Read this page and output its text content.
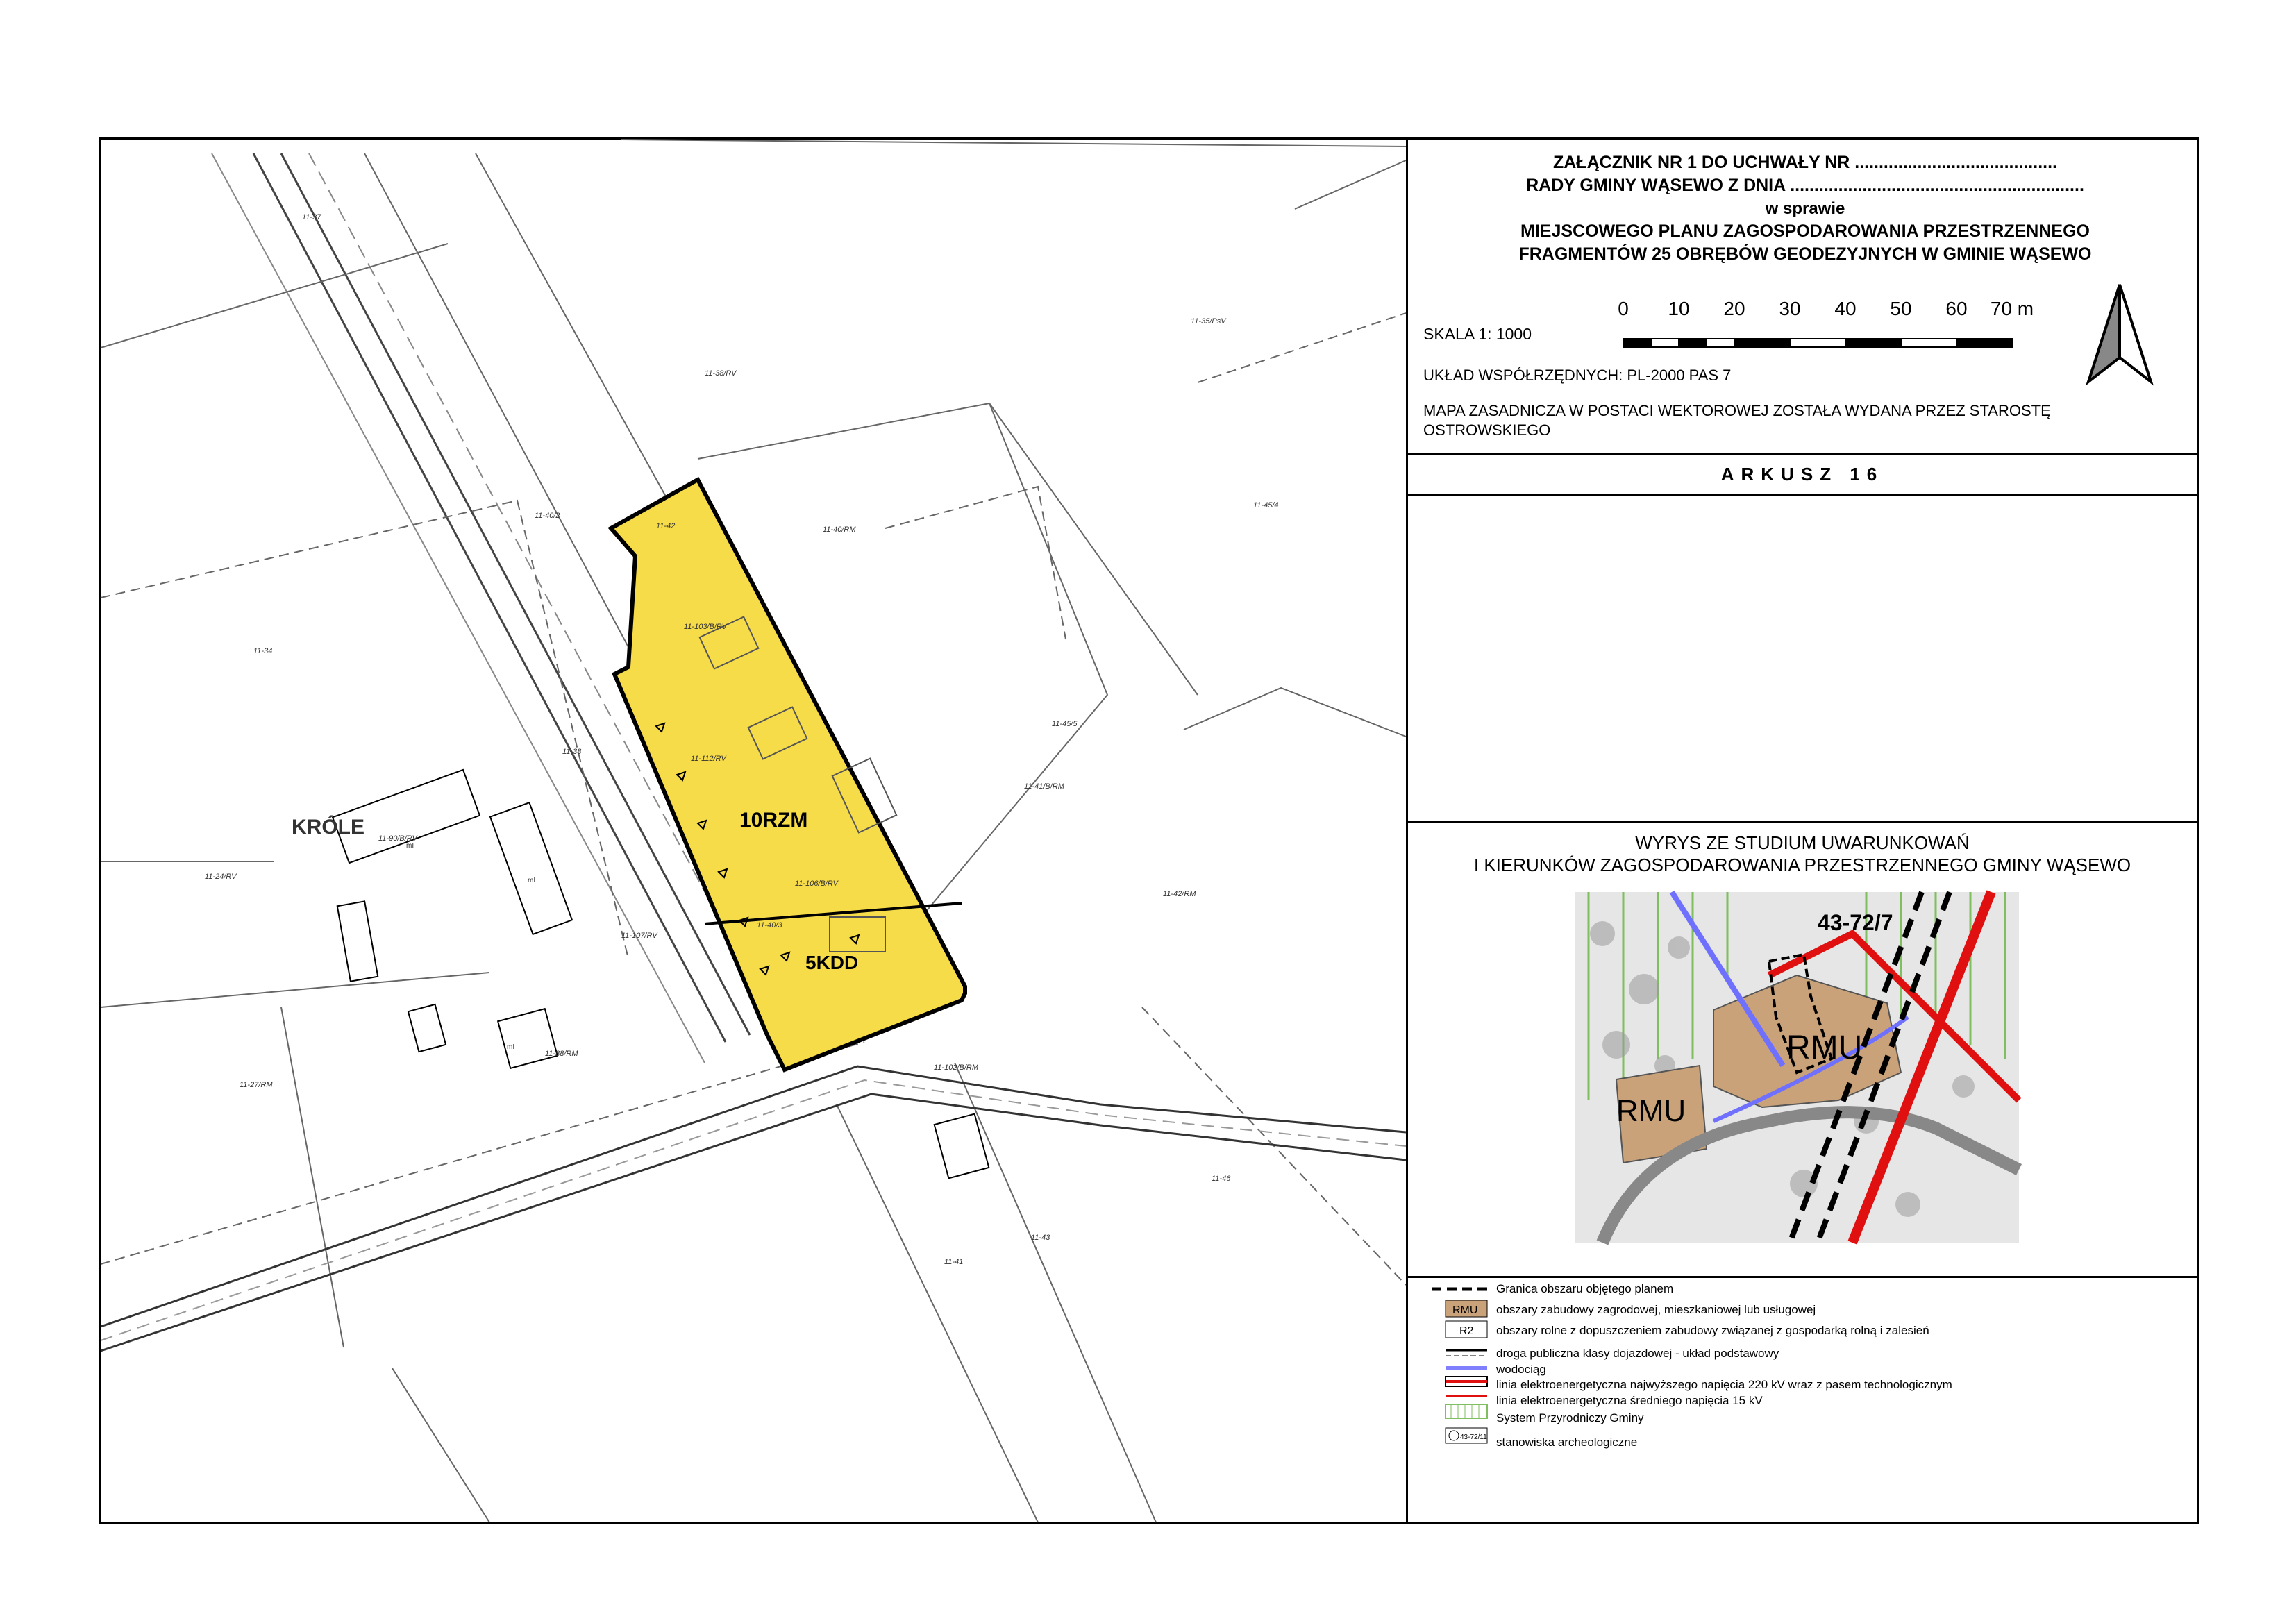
KRÓLE	10RZM
5KDD
11-37
11-38/RV
11-35/PsV
11-40/2
11-42	11-40/RM
11-45/4
11-34
11-103/B/RV
11-45/5
11-112/RV
11-41/B/RM
11-38
11-90/B/RV
11-24/RV
11-106/B/RV
11-42/RM
11-107/RV
11-40/3
11-27/RM
11-102/B/RM
11-46
11-43
11-41
11-88/RM
mI
mI
mI
ZAŁĄCZNIK NR 1 DO UCHWAŁY NR ..........................................
RADY GMINY WĄSEWO Z DNIA .............................................................
w sprawie
MIEJSCOWEGO PLANU ZAGOSPODAROWANIA PRZESTRZENNEGO
FRAGMENTÓW 25 OBRĘBÓW GEODEZYJNYCH W GMINIE WĄSEWO
SKALA 1: 1000
0 10 20 30 40 50 60 70 m
UKŁAD WSPÓŁRZĘDNYCH: PL-2000 PAS 7
MAPA ZASADNICZA W POSTACI WEKTOROWEJ ZOSTAŁA WYDANA PRZEZ STAROSTĘ OSTROWSKIEGO
ARKUSZ 16
WYRYS ZE STUDIUM UWARUNKOWAŃ
I KIERUNKÓW ZAGOSPODAROWANIA PRZESTRZENNEGO GMINY WĄSEWO
43-72/7
RMU
RMU
RMU
R2
43-72/11
Granica obszaru objętego planem
obszary zabudowy zagrodowej, mieszkaniowej lub usługowej
obszary rolne z dopuszczeniem zabudowy związanej z gospodarką rolną i zalesień
droga publiczna klasy dojazdowej - układ podstawowy
wodociąg
linia elektroenergetyczna najwyższego napięcia 220 kV wraz z pasem technologicznym
linia elektroenergetyczna średniego napięcia 15 kV
System Przyrodniczy Gminy
stanowiska archeologiczne
